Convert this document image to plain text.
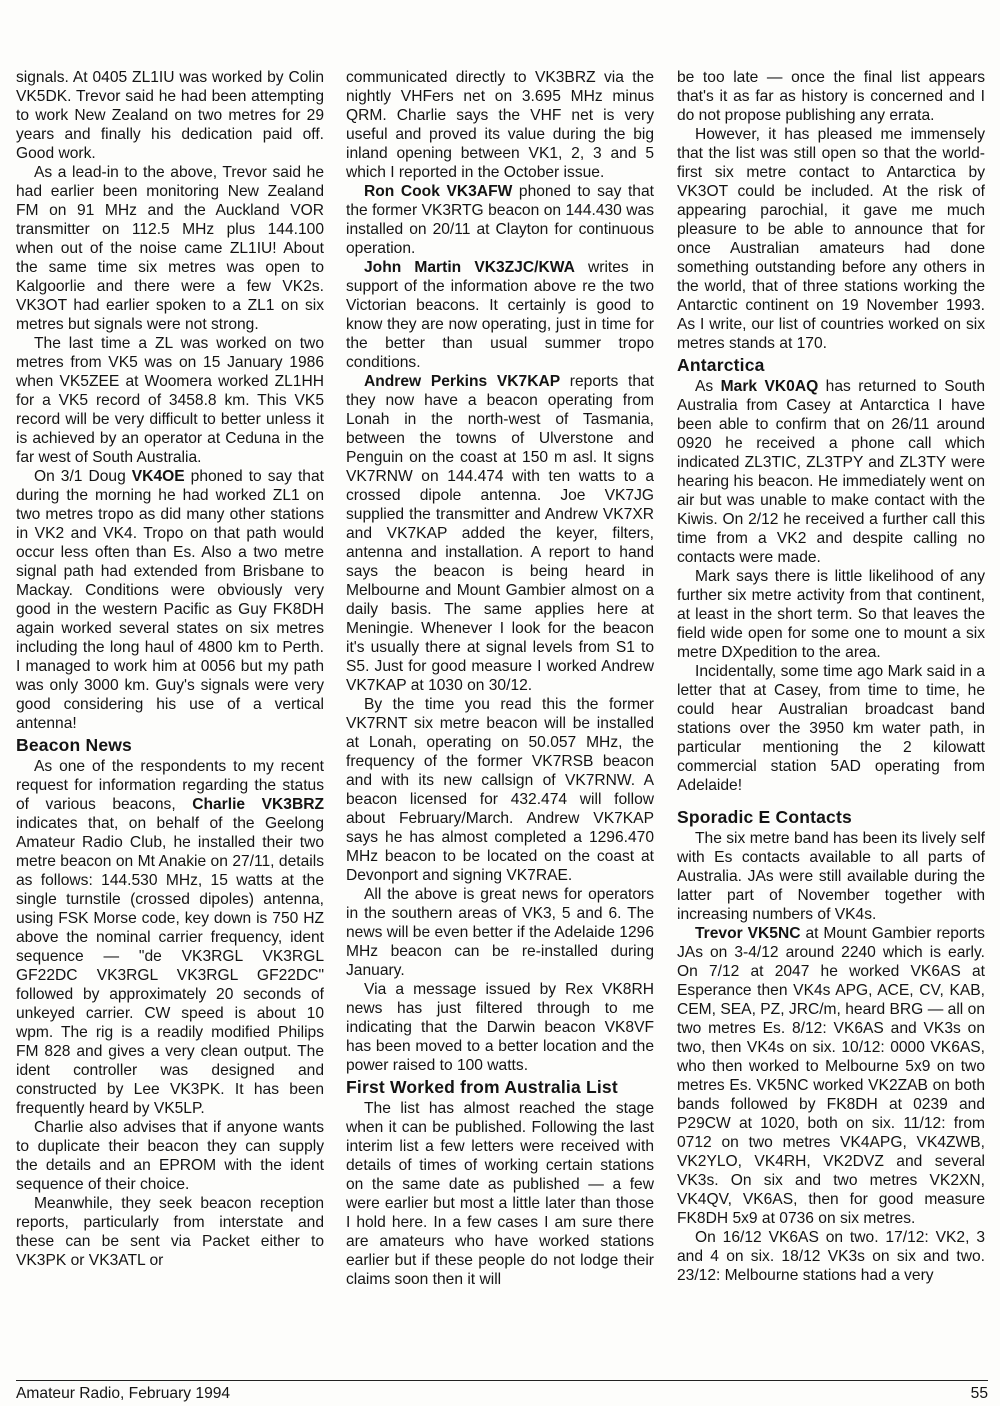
signals. At 0405 ZL1IU was worked by Colin VK5DK. Trevor said he had been attempting to work New Zealand on two metres for 29 years and finally his dedication paid off. Good work.

As a lead-in to the above, Trevor said he had earlier been monitoring New Zealand FM on 91 MHz and the Auckland VOR transmitter on 112.5 MHz plus 144.100 when out of the noise came ZL1IU! About the same time six metres was open to Kalgoorlie and there were a few VK2s. VK3OT had earlier spoken to a ZL1 on six metres but signals were not strong.

The last time a ZL was worked on two metres from VK5 was on 15 January 1986 when VK5ZEE at Woomera worked ZL1HH for a VK5 record of 3458.8 km. This VK5 record will be very difficult to better unless it is achieved by an operator at Ceduna in the far west of South Australia.

On 3/1 Doug VK4OE phoned to say that during the morning he had worked ZL1 on two metres tropo as did many other stations in VK2 and VK4. Tropo on that path would occur less often than Es. Also a two metre signal path had extended from Brisbane to Mackay. Conditions were obviously very good in the western Pacific as Guy FK8DH again worked several states on six metres including the long haul of 4800 km to Perth. I managed to work him at 0056 but my path was only 3000 km. Guy's signals were very good considering his use of a vertical antenna!

Beacon News

As one of the respondents to my recent request for information regarding the status of various beacons, Charlie VK3BRZ indicates that, on behalf of the Geelong Amateur Radio Club, he installed their two metre beacon on Mt Anakie on 27/11, details as follows: 144.530 MHz, 15 watts at the single turnstile (crossed dipoles) antenna, using FSK Morse code, key down is 750 HZ above the nominal carrier frequency, ident sequence — "de VK3RGL VK3RGL GF22DC VK3RGL VK3RGL GF22DC" followed by approximately 20 seconds of unkeyed carrier. CW speed is about 10 wpm. The rig is a readily modified Philips FM 828 and gives a very clean output. The ident controller was designed and constructed by Lee VK3PK. It has been frequently heard by VK5LP.

Charlie also advises that if anyone wants to duplicate their beacon they can supply the details and an EPROM with the ident sequence of their choice.

Meanwhile, they seek beacon reception reports, particularly from interstate and these can be sent via Packet either to VK3PK or VK3ATL or

communicated directly to VK3BRZ via the nightly VHFers net on 3.695 MHz minus QRM. Charlie says the VHF net is very useful and proved its value during the big inland opening between VK1, 2, 3 and 5 which I reported in the October issue.

Ron Cook VK3AFW phoned to say that the former VK3RTG beacon on 144.430 was installed on 20/11 at Clayton for continuous operation.

John Martin VK3ZJC/KWA writes in support of the information above re the two Victorian beacons. It certainly is good to know they are now operating, just in time for the better than usual summer tropo conditions.

Andrew Perkins VK7KAP reports that they now have a beacon operating from Lonah in the north-west of Tasmania, between the towns of Ulverstone and Penguin on the coast at 150 m asl. It signs VK7RNW on 144.474 with ten watts to a crossed dipole antenna. Joe VK7JG supplied the transmitter and Andrew VK7XR and VK7KAP added the keyer, filters, antenna and installation. A report to hand says the beacon is being heard in Melbourne and Mount Gambier almost on a daily basis. The same applies here at Meningie. Whenever I look for the beacon it's usually there at signal levels from S1 to S5. Just for good measure I worked Andrew VK7KAP at 1030 on 30/12.

By the time you read this the former VK7RNT six metre beacon will be installed at Lonah, operating on 50.057 MHz, the frequency of the former VK7RSB beacon and with its new callsign of VK7RNW. A beacon licensed for 432.474 will follow about February/March. Andrew VK7KAP says he has almost completed a 1296.470 MHz beacon to be located on the coast at Devonport and signing VK7RAE.

All the above is great news for operators in the southern areas of VK3, 5 and 6. The news will be even better if the Adelaide 1296 MHz beacon can be re-installed during January.

Via a message issued by Rex VK8RH news has just filtered through to me indicating that the Darwin beacon VK8VF has been moved to a better location and the power raised to 100 watts.

First Worked from Australia List

The list has almost reached the stage when it can be published. Following the last interim list a few letters were received with details of times of working certain stations on the same date as published — a few were earlier but most a little later than those I hold here. In a few cases I am sure there are amateurs who have worked stations earlier but if these people do not lodge their claims soon then it will

be too late — once the final list appears that's it as far as history is concerned and I do not propose publishing any errata.

However, it has pleased me immensely that the list was still open so that the world-first six metre contact to Antarctica by VK3OT could be included. At the risk of appearing parochial, it gave me much pleasure to be able to announce that for once Australian amateurs had done something outstanding before any others in the world, that of three stations working the Antarctic continent on 19 November 1993. As I write, our list of countries worked on six metres stands at 170.

Antarctica

As Mark VK0AQ has returned to South Australia from Casey at Antarctica I have been able to confirm that on 26/11 around 0920 he received a phone call which indicated ZL3TIC, ZL3TPY and ZL3TY were hearing his beacon. He immediately went on air but was unable to make contact with the Kiwis. On 2/12 he received a further call this time from a VK2 and despite calling no contacts were made.

Mark says there is little likelihood of any further six metre activity from that continent, at least in the short term. So that leaves the field wide open for some one to mount a six metre DXpedition to the area.

Incidentally, some time ago Mark said in a letter that at Casey, from time to time, he could hear Australian broadcast band stations over the 3950 km water path, in particular mentioning the 2 kilowatt commercial station 5AD operating from Adelaide!

Sporadic E Contacts

The six metre band has been its lively self with Es contacts available to all parts of Australia. JAs were still available during the latter part of November together with increasing numbers of VK4s.

Trevor VK5NC at Mount Gambier reports JAs on 3-4/12 around 2240 which is early. On 7/12 at 2047 he worked VK6AS at Esperance then VK4s APG, ACE, CV, KAB, CEM, SEA, PZ, JRC/m, heard BRG — all on two metres Es. 8/12: VK6AS and VK3s on two, then VK4s on six. 10/12: 0000 VK6AS, who then worked to Melbourne 5x9 on two metres Es. VK5NC worked VK2ZAB on both bands followed by FK8DH at 0239 and P29CW at 1020, both on six. 11/12: from 0712 on two metres VK4APG, VK4ZWB, VK2YLO, VK4RH, VK2DVZ and several VK3s. On six and two metres VK2XN, VK4QV, VK6AS, then for good measure FK8DH 5x9 at 0736 on six metres.

On 16/12 VK6AS on two. 17/12: VK2, 3 and 4 on six. 18/12 VK3s on six and two. 23/12: Melbourne stations had a very

Amateur Radio, February 1994	55
